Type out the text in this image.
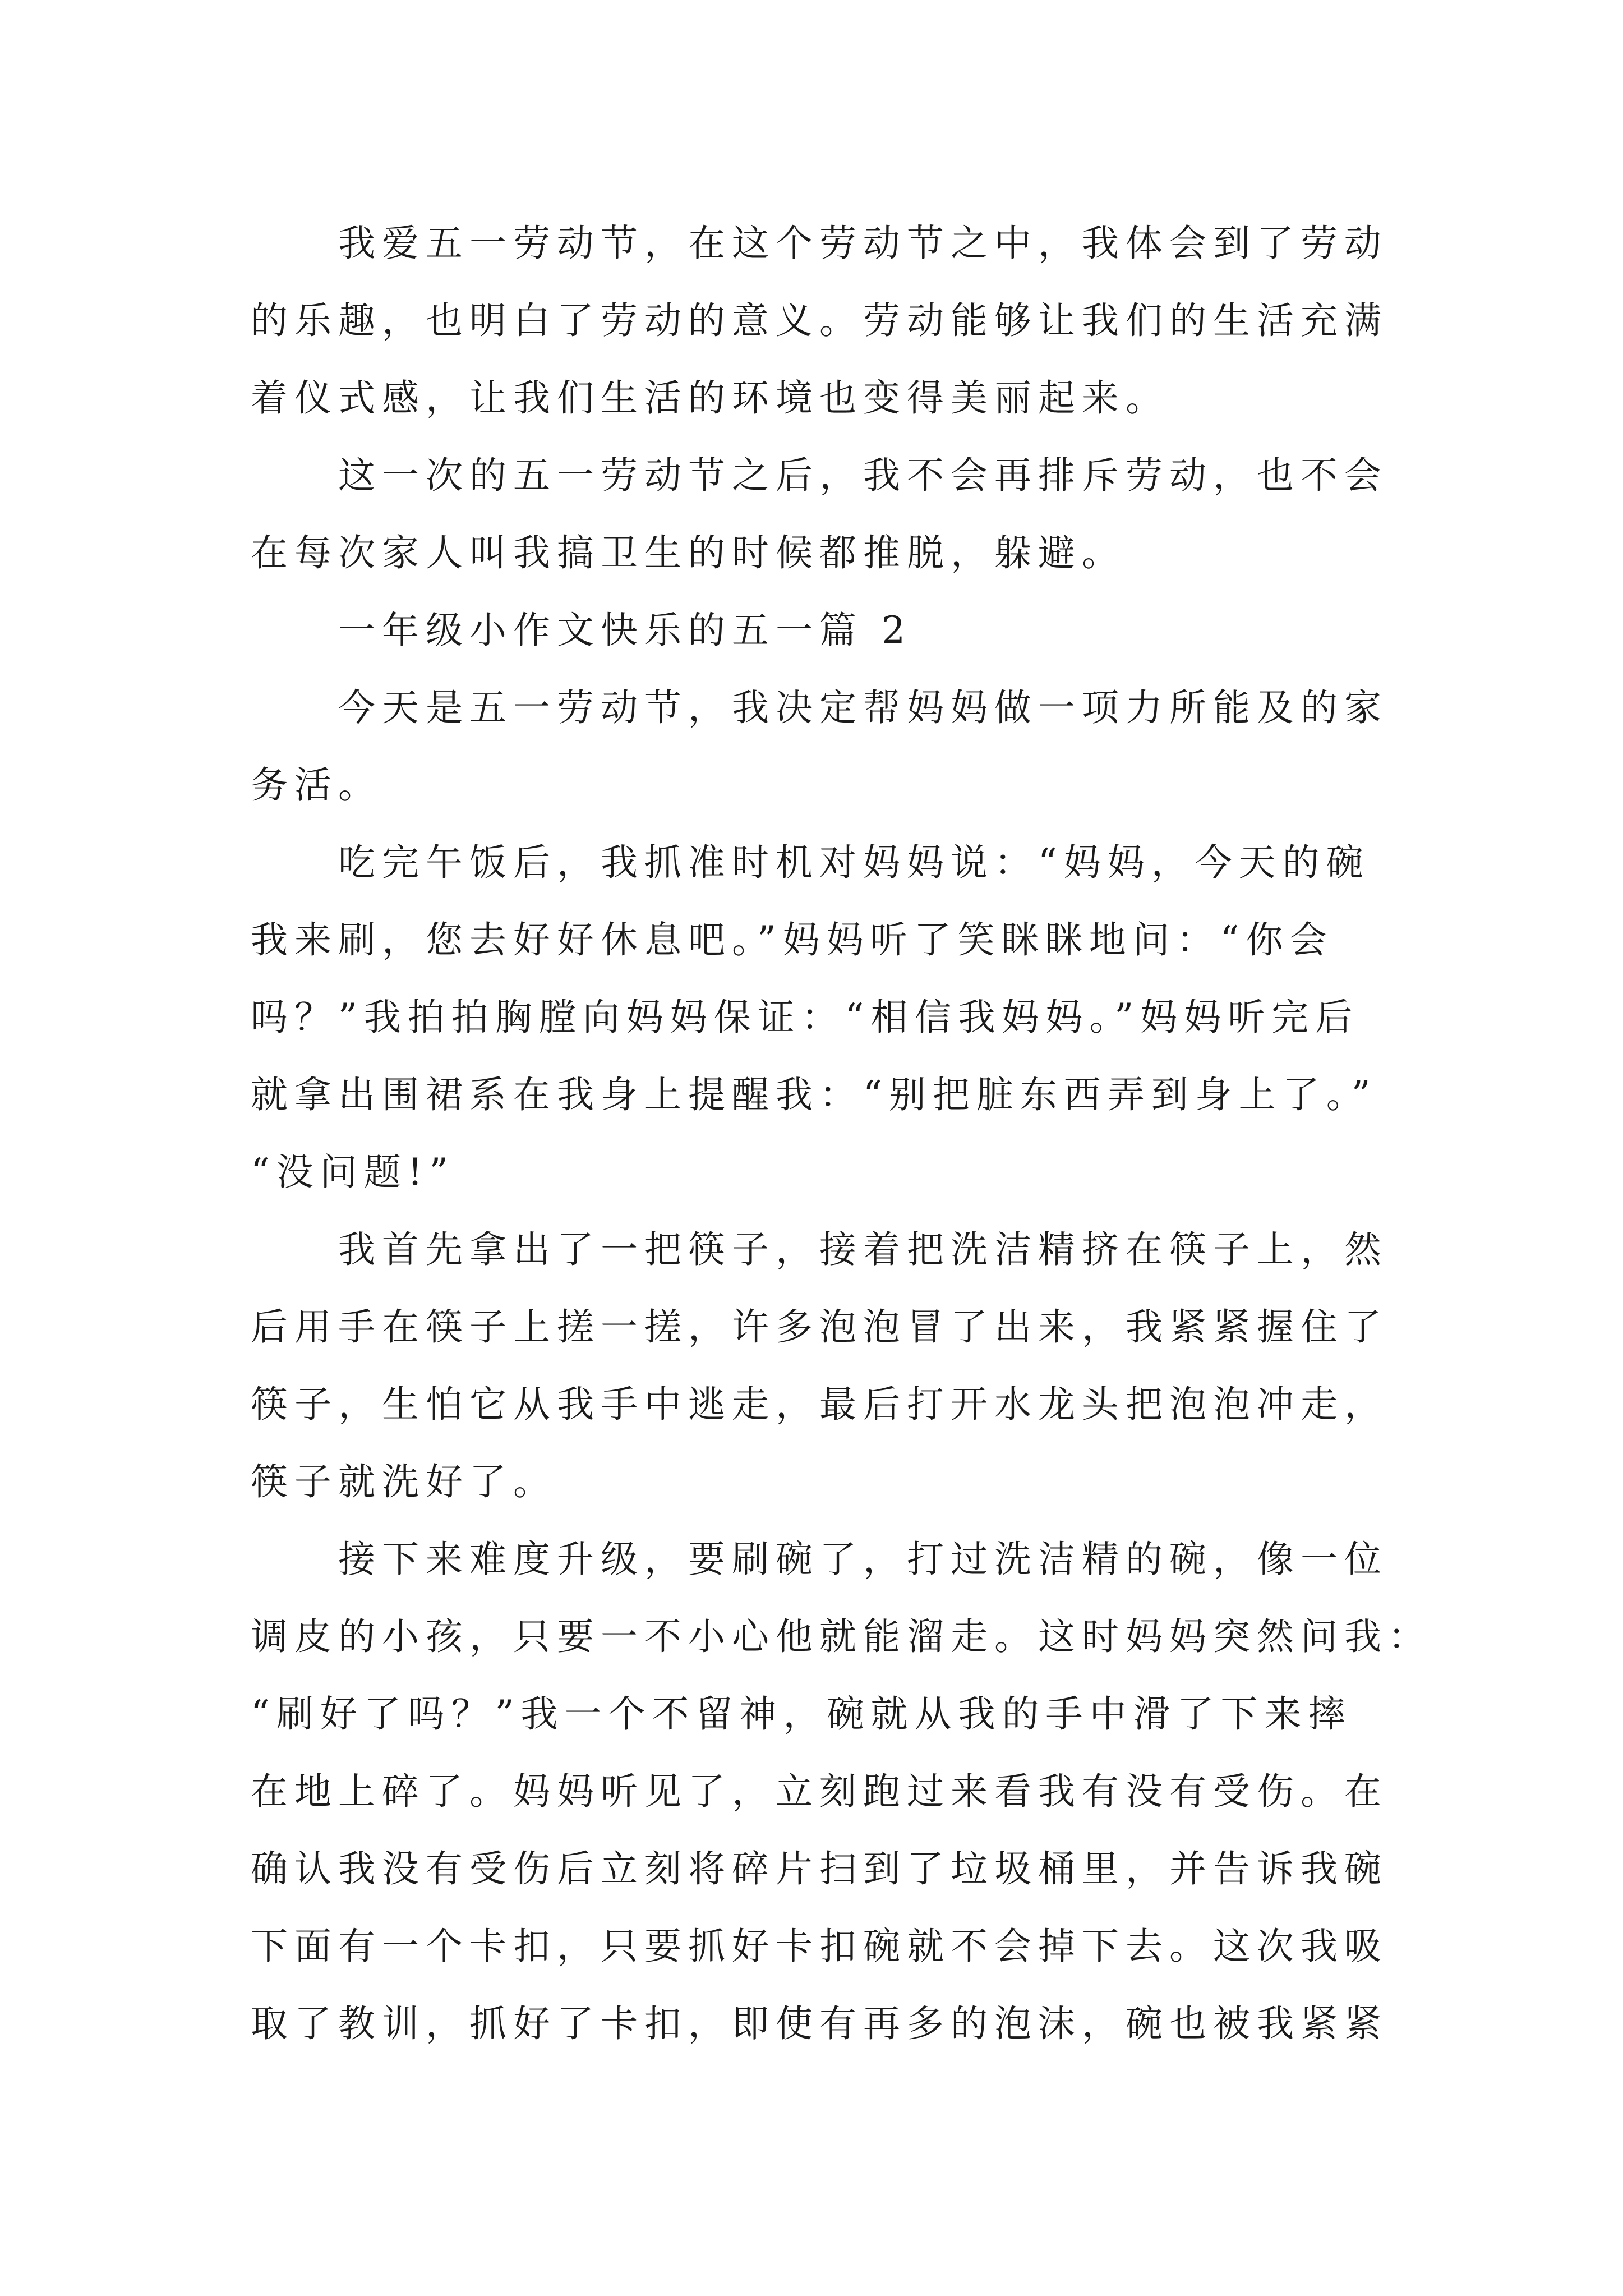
我爱五一劳动节，在这个劳动节之中，我体会到了劳动
的乐趣，也明白了劳动的意义。劳动能够让我们的生活充满
着仪式感，让我们生活的环境也变得美丽起来。
这一次的五一劳动节之后，我不会再排斥劳动，也不会
在每次家人叫我搞卫生的时候都推脱，躲避。
一年级小作文快乐的五一篇 2
今天是五一劳动节，我决定帮妈妈做一项力所能及的家
务活。
吃完午饭后，我抓准时机对妈妈说：“妈妈，今天的碗
我来刷，您去好好休息吧。”妈妈听了笑眯眯地问：“你会
吗？”我拍拍胸膛向妈妈保证：“相信我妈妈。”妈妈听完后
就拿出围裙系在我身上提醒我：“别把脏东西弄到身上了。”
“没问题!”
我首先拿出了一把筷子，接着把洗洁精挤在筷子上，然
后用手在筷子上搓一搓，许多泡泡冒了出来，我紧紧握住了
筷子，生怕它从我手中逃走，最后打开水龙头把泡泡冲走，
筷子就洗好了。
接下来难度升级，要刷碗了，打过洗洁精的碗，像一位
调皮的小孩，只要一不小心他就能溜走。这时妈妈突然问我：
“刷好了吗？”我一个不留神，碗就从我的手中滑了下来摔
在地上碎了。妈妈听见了，立刻跑过来看我有没有受伤。在
确认我没有受伤后立刻将碎片扫到了垃圾桶里，并告诉我碗
下面有一个卡扣，只要抓好卡扣碗就不会掉下去。这次我吸
取了教训，抓好了卡扣，即使有再多的泡沫，碗也被我紧紧
